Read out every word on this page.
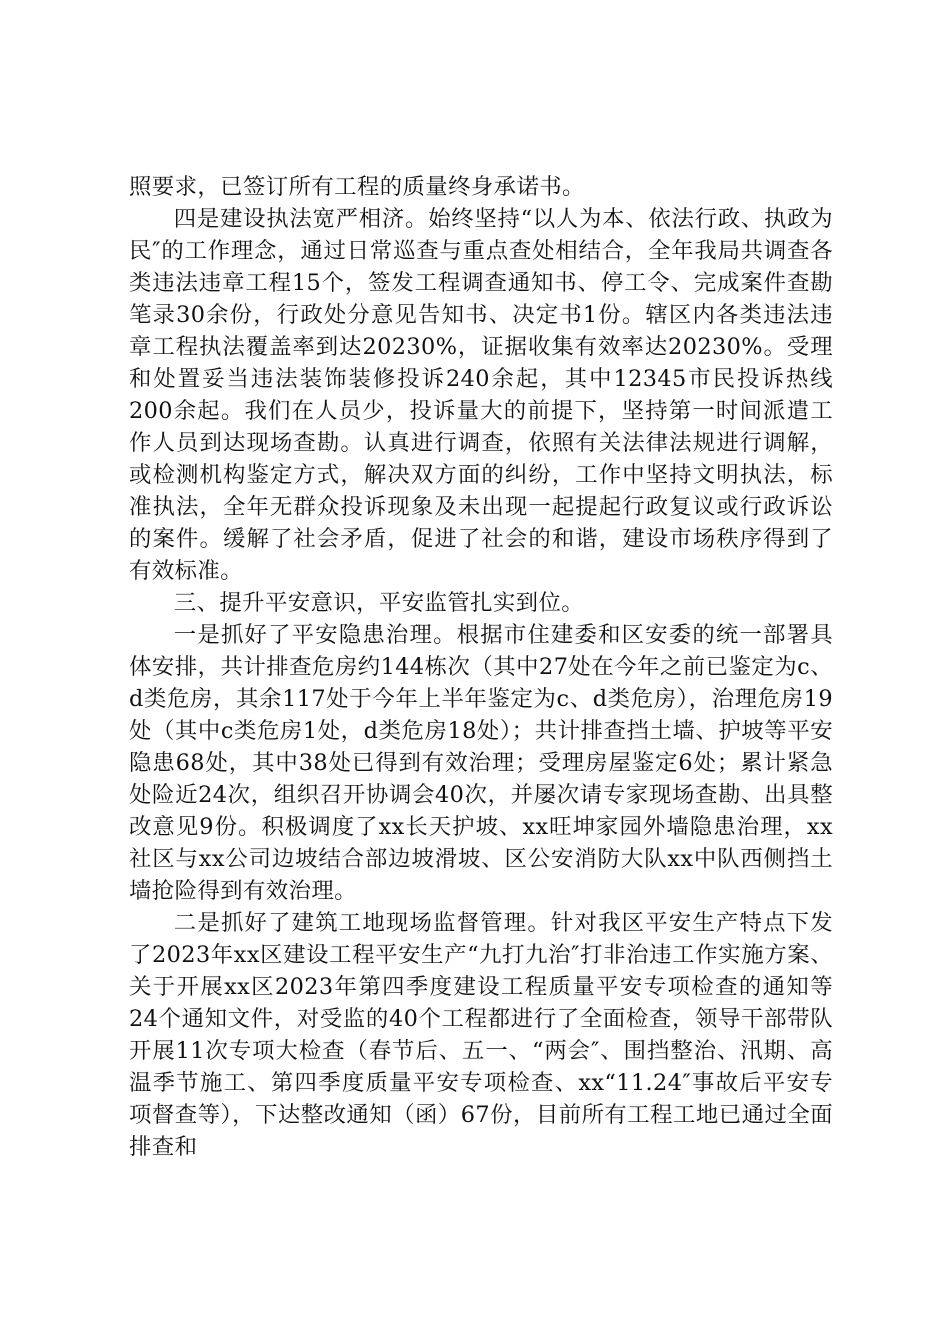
照要求，已签订所有工程的质量终身承诺书。

四是建设执法宽严相济。始终坚持“以人为本、依法行政、执政为民″的工作理念，通过日常巡查与重点查处相结合，全年我局共调查各类违法违章工程15个，签发工程调查通知书、停工令、完成案件查勘笔录30余份，行政处分意见告知书、决定书1份。辖区内各类违法违章工程执法覆盖率到达20230%，证据收集有效率达20230%。受理和处置妥当违法装饰装修投诉240余起，其中12345市民投诉热线200余起。我们在人员少，投诉量大的前提下，坚持第一时间派遣工作人员到达现场查勘。认真进行调查，依照有关法律法规进行调解，或检测机构鉴定方式，解决双方面的纠纷，工作中坚持文明执法，标准执法，全年无群众投诉现象及未出现一起提起行政复议或行政诉讼的案件。缓解了社会矛盾，促进了社会的和谐，建设市场秩序得到了有效标准。

三、提升平安意识，平安监管扎实到位。

一是抓好了平安隐患治理。根据市住建委和区安委的统一部署具体安排，共计排查危房约144栋次（其中27处在今年之前已鉴定为c、d类危房，其余117处于今年上半年鉴定为c、d类危房），治理危房19处（其中c类危房1处，d类危房18处）；共计排查挡土墙、护坡等平安隐患68处，其中38处已得到有效治理；受理房屋鉴定6处；累计紧急处险近24次，组织召开协调会40次，并屡次请专家现场查勘、出具整改意见9份。积极调度了xx长天护坡、xx旺坤家园外墙隐患治理，xx社区与xx公司边坡结合部边坡滑坡、区公安消防大队xx中队西侧挡土墙抢险得到有效治理。

二是抓好了建筑工地现场监督管理。针对我区平安生产特点下发了2023年xx区建设工程平安生产“九打九治″打非治违工作实施方案、关于开展xx区2023年第四季度建设工程质量平安专项检查的通知等24个通知文件，对受监的40个工程都进行了全面检查，领导干部带队开展11次专项大检查（春节后、五一、“两会″、围挡整治、汛期、高温季节施工、第四季度质量平安专项检查、xx“11.24″事故后平安专项督查等），下达整改通知（函）67份，目前所有工程工地已通过全面排查和
